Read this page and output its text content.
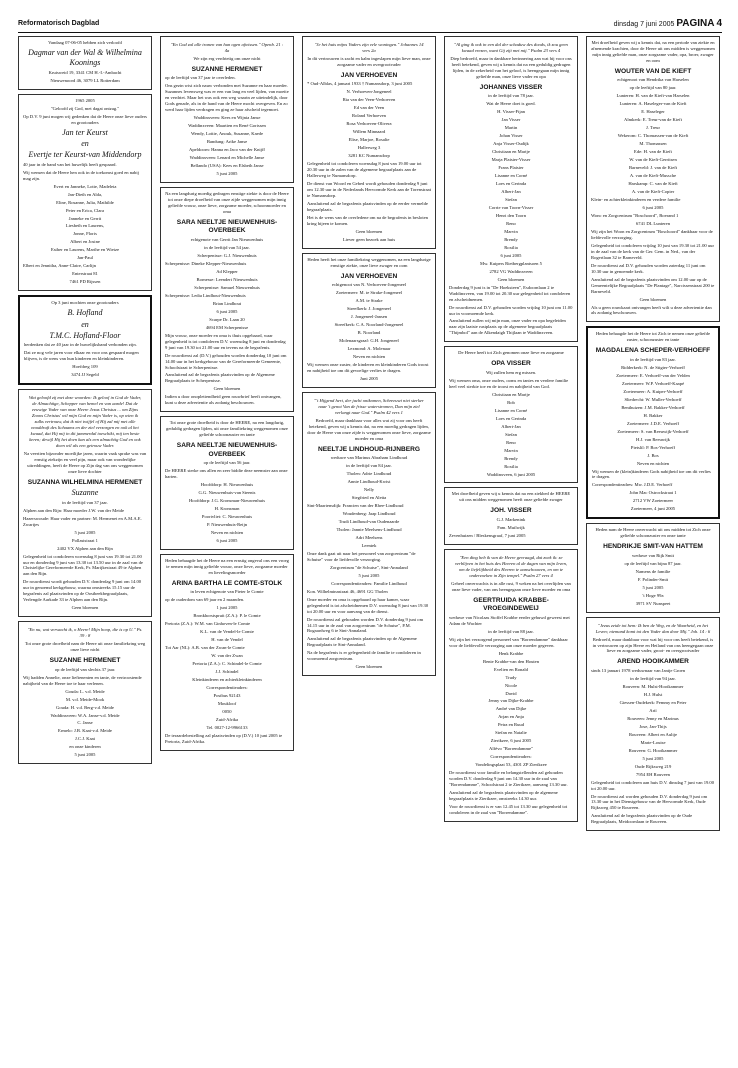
Reformatorisch Dagblad	dinsdag 7 juni 2005 PAGINA 4

Vandaag 07-06-05 hebben zich verloofd

Dagmar van der Wal & Wilhelmina Koonings

Kruisweid 19, 3341 CM H.-I.-Ambacht

Nieuwenoord 46, 3079 LL Rotterdam

1965 2005

"Geloofd zij God, met dagat ontzag."

Op D.V. 9 juni mogen wij gedenken dat de Heere onze lieve ouders en grootouders

Jan ter Keurst

en

Evertje ter Keurst-van Middendorp

40 jaar in de band van het huwelijk heeft gespaard.

Wij wensen dat de Heere hen ook in de toekomst goed en nabij mag zijn.

Evert en Janneke, Lotte, Madeleia

Jan-Dieth en Alda,

Eline, Rosanne, Julia, Mathilde

Peter en Erica, Clara

Janneke en Gerrit

Liesbeth en Laurens,

Jonne, Floris

Albert en Josine

Esther en Laurens, Marthe en Wietze

Jan-Paul

Elbert en Jennitha, Anne-Claire, Carlijn

Enterstraat 81

7461 PD Rijssen

Op 3 juni mochten onze grootouders

B. Hofland

en

T.M.C. Hofland-Floor

herdenken dat ze 40 jaar in de huwelijksband verbonden zijn.

Dat ze nog vele jaren voor elkaar en voor ons gespaard mogen blijven, is de wens van hun kinderen en kleinkinderen.

Hoefdreg 109

3474 JJ Segeld

Wat geloofd zij met deze woorden: Ik geloof in God de Vader, de Almachtige, Schepper van hemel en van aarde! Dat de eeuwige Vader van onze Heere Jezus Christus ... om Zijns Zoons Christus' wil mijn God en mijn Vader is, op wien ik zulks vertrouw, dat ik niet twijfel of Hij zal mij met alle nooddruft des lichaams en der ziel verzorgen en ook al het kwaad, dat Hij mij in dit jammerdal toeschikt, mij ten beste keren; dewijl Hij het doen kan als een almachtig God en ook doen wil als een getrouw Vader.

Na veertien bijzonder moeilijke jaren, waarin vaak sprake was van ernstig ziekzijn en veel pijn, maar ook van wonderlijke uitreddingen, heeft de Heere op Zijn dag van ons weggenomen onze lieve dochter

SUZANNA WILHELMINA HERMENET

Suzanne

in de leeftijd van 37 jaar.

Alphen aan den Rijn: Haar moeder J.W. van der Meide

Hazerswoude: Haar vader en partner: M. Hermenet en A.M.A.E. Zwartjes

5 juni 2005

Pollaststraat 1

2402 VX Alphen aan den Rijn

Gelegenheid tot condoleren woensdag 8 juni van 19.30 tot 21.00 uur en donderdag 9 juni van 13.30 tot 13.50 uur in de zaal van de Christelijke Gereformeerde Kerk, Pr. Marijkestraat 49 te Alphen aan den Rijn.

De rouwdienst wordt gehouden D.V. donderdag 9 juni om 14.00 uur in genoemd kerkgebouw, waarna omstreeks 15.15 uur de begrafenis zal plaatsvinden op de Oostbeekbegraafplaats, Verlengde Aarkade 33 te Alphen aan den Rijn.

Geen bloemen

"En nu, wat verwacht ik, o Heere! Mijn hoop, die is op U." Ps. 39 : 8

Tot onze grote droefheid nam de Heere uit onze familiekring weg onze lieve nicht

SUZANNE HERMENET

op de leeftijd van slechts 37 jaar.

Wij hadden Annelie, onze lieftenenten en tante, de vertroostende nabijheid van de Heere toe te haar verlenen.

Gouda: L. v.d. Meide

M. v.d. Meide-Mook

Gouda: H. v.d. Berg-v.d. Meide

Waddinxveen: W.A. Janse-v.d. Meide

C. Janse

Ermelo: J.B. Kaat-v.d. Meide

J.C.J. Kaat

en onze kinderen

5 juni 2005

"En God zal alle tranen van hun ogen afwissen." Openb. 21 : 4a

We zijn erg verdrietig om onze nicht

SUZANNE HERMENET

op de leeftijd van 37 jaar te overleden.

Ons gezin wist zich nauw verbonden met Suzanne en haar moeder. Suzannes levensweg was er een van lang en veel lijden, van moeite en verdriet. Maar het was ook een weg waarin ze uiteindelijk, door Gods genade, als in de hand van de Heere mocht overgeven. En zo werd haar lijden verdragen en ging ze haar afscheid tegemoet.

Waddinxveen: Kees en Wijnia Janse

Waddinxveen: Maartien en René Gorissen

Wendy, Lottie, Anouk, Susanne, Kaede

Bandung: Arike Janse

Apeldoorn: Hanna en Jaco van der Knijff

Waddinxveen: Lenard en Michelle Janse

Bellando (USA): Kees en Elsbeth Janse

5 juni 2005

Na een langdurig moedig gedragen ernstige ziekte is door de Heere tot onze diepe droefheid van onze zijde weggenomen mijn innig geliefde vrouw, onze lieve, zorgzame moeder, schoonmoeder en oma

SARA NEELTJE NIEUWENHUIS-OVERBEEK

echtgenote van Gerrit Jan Nieuwenhuis

in de leeftijd van 54 jaar.

Scherpenisse: G.J. Nieuwenhuis

Scherpenisse: Dineke Klepper-Nieuwenhuis

Ad Klepper

Bornesse: Leendert Nieuwenhuis

Scherpenisse: Samuel Nieuwenhuis

Scherpenisse: Ledia Lindhout-Nieuwenhuis

Brian Lindhout

6 juni 2005

Scarpe Dr. Laan 20

4694 EM Scherpenisse

Mijn vrouw, onze moeder en oma is thuis opgebaard, waar gelegenheid is tot condoleren D.V. woensdag 8 juni en donderdag 9 juni van 19.30 tot 21.00 uur en tevens na de begrafenis.

De rouwdienst zal (D.V.) gehouden worden donderdag 10 juni om 14.00 uur in het kerkgebouw van de Gereformeerde Gemeente, Schoolstraat te Scherpenisse.

Aansluitend zal de begrafenis plaatsvinden op de Algemene Begraafplaats te Scherpenisse.

Geen bloemen

Indien u door onoplettendheid geen rouwbrief heeft ontvangen, kunt u deze advertentie als zodanig beschouwen.

Tot onze grote droefheid is door de HEERE, na een langdurig, geduldig gedragen lijden, uit onze familiekring weggenomen onze geliefde schoonzuster en tante

SARA NEELTJE NIEUWENHUIS-OVERBEEK

op de leeftijd van 56 jaar.

De HEERE sterke ons allen en zeer biddie deze neemster aan onze harten.

Hoofddorp: H. Nieuwenhuis

G.G. Nieuwenhuis-van Steenis

Hoofddorp: J.G. Kronsman-Nieuwenhuis

H. Kronsman

Poortvliet: C. Nieuwenhuis

P. Nieuwenhuis-Reijn

Neven en nichten

6 juni 2005

Heden behaagde het de Heere na een ernstig ongeval ons een vroeg te nemen mijn innig geliefde vrouw, onze lieve, zorgzame moeder en lievelingsmoeder

ARINA BARTHA LE COMTE-STOLK

in leven echtgenote van Pieter le Comte

op de ouderdom van 69 jaar en 2 maanden.

1 juni 2005

Bronkhorstspruit (Z.A.): P. le Comte

Pretoria (Z.A.): W.M. van Ginhoven-le Comte

K.L. van de Vendel-le Comte

H. van de Vendel

Tot Aar (NL): A.B. van der Zwan-le Comte

W. van der Zwan

Pretoria (Z.A.): C. Schindel-le Comte

J.J. Schindel

Kleinkinderen en achterkleinkinderen

Correspondentieadres:

Postbus 92143

Moukloof

0050

Zuid-Afrika

Tel. 0027-12-9966133

De teraardebestelling zal plaatsvinden op (D.V.) 10 juni 2005 te Pretoria, Zuid-Afrika.

"Je het huis mijns Vaders zijn vele woningen." Johannes 14 vers 2a

In dit vertrouwen is zacht en kalm ingeslapen mijn lieve man, onze zorgzame vader en overgrootvader

JAN VERHOEVEN

* Oud-Alblas, 4 januari 1933 † Numansdorp, 3 juni 2005

N. Verhoeven-Jongeneel

Ria van der Veen-Verhoeven

Ed van der Veen

Roland Verhoeven

Rosa Verhoeven-Olivera

Willem Minnaard

Elise, Marjoe, Rosalie

Hallerweg 3

3281 KC Numansdorp

Gelegenheid tot condoleren woensdag 8 juni van 19.00 uur tot 20.30 uur in de zalen van de algemene begraafplaats aan de Hallerweg te Numansdorp.

De dienst van Woord en Gebed wordt gehouden donderdag 9 juni om 12.30 uur in de Nederlands Hervormde Kerk aan de Torenstraat te Numansdorp.

Aansluitend zal de begrafenis plaatsvinden op de eerder vermelde begraafplaats.

Het is de wens van de overledene om na de begrafenis in besloten kring bijeen te komen.

Geen bloemen

Liever geen bezoek aan huis

Heden heeft het onze familiekring weggenomen, na een langdurige ernstige ziekte, onze lieve zwager en oom

JAN VERHOEVEN

echtgenoot van N. Verhoeven-Jongeneel

Zoetermeer: M. te Strake-Jongeneel

A.M. te Strake

Streefkerk: J. Jongeneel

J. Jongeneel-Jansen

Streefkerk: C.A. Noorland-Jongeneel

B. Noorland

Molenaarsgraaf: G.H. Jongeneel

Lexmond: A. Molenaar

Neven en nichten

Wij wensen onze zuster, de kinderen en kleinkinderen Gods troost en nabijheid toe om dit gevoelige verlies te dragen.

Juni 2005

"'t Hijgend hert, der jacht ontkomen, Schreeuwt niet sterker naar 't genot Van de frisse waterstromen, Dan mijn ziel verlangt naar God." Psalm 42 vers 1

Bedroefd, maar dankbaar voor alles wat zij voor ons heeft betekend, geven wij u kennis dat, na een moedig gedragen lijden, door de Heere van onze zijde is weggenomen onze lieve, zorgzame moeder en oma

NEELTJE LINDHOUD-RIJNBERG

weduwe van Marinus Abraham Lindhoud

in de leeftijd van 84 jaar.

Tholen: Adrie Lindhoud

Annie Lindhoud-Kwist

Nelly

Siegfried en Aletta

Sint-Maartensdijk: Francien van der Rhee-Lindhoud

Woudenberg: Jaap Lindhoud

Trudi Lindhoud-van Oudenaarde

Tholen: Jannie Meelsens-Lindhoud

Adri Meelsens

Leentek

Onze dank gaat uit naar het personeel van zorgcentrum "de Schutse" voor de liefdevolle verzorging.

Zorgcentrum "de Schutse", Sint-Annaland

5 juni 2005

Correspondentieadres: Familie Lindhoud

Kon. Wilhelminastraat 46, 4691 GG Tholen

Onze moeder en oma is opgebaard op haar kamer, waar gelegenheid is tot afscheidnemen D.V. woensdag 8 juni van 19.30 tot 20.00 uur en voor aanvang van de dienst.

De rouwdienst zal gehouden worden D.V. donderdag 9 juni om 14.15 uur in de zaal van zorgcentrum "de Schutse", P.M. Bogaardweg 6 te Sint-Annaland.

Aansluitend zal de begrafenis plaatsvinden op de Algemene Begraafplaats te Sint-Annaland.

Na de begrafenis is er gelegenheid de familie te condoleren in voornoemd zorgcentrum.

Geen bloemen

"Al ging ik ook in een dal der schaduw des doods, ik zou geen kwaad vrezen, want Gij zijt met mij." Psalm 23 vers 4

Diep bedroefd, maar in dankbare herinnering aan wat hij voor ons heeft betekend, geven wij u kennis dat na een geduldig gedragen lijden, in de zekerheid van het geloof, is heengegaan mijn innig geliefde man, onze lieve vader en opa

JOHANNES VISSER

in de leeftijd van 78 jaar.

Wat de Heere doet is goed.

H. Visser-Fijan

Jan Visser

Martin

Johan Visser

Anja Visser-Oudijk

Christiaan en Marije

Marja Plaisier-Visser

Frans Plaisier

Lisanne en Corné

Loes en Gerinda

Albert-Jan

Stefan

Corrie van Toorn-Visser

Henri den Toorn

Reno

Marvin

Brendy

Roxilia

6 juni 2005

Mw. Kuipers Rietbergplantsoen 5

2782 VG Waddinxveen

Geen bloemen

Donderdag 9 juni is in "De Hoeksteen", Esdoornlaan 2 te Waddinxveen, van 19.00 tot 20.30 uur gelegenheid tot condoleren en afscheidnemen.

De rouwdienst zal D.V. gehouden worden vrijdag 10 juni om 11.00 uur in voornoemde kerk.

Aansluitend zullen wij mijn man, onze vader en opa begeleiden naar zijn laatste rustplaats op de algemene begraafplaats "Thijmbol" aan de Alkendaigh Thijlaan te Waddinxveen.

De Heere heeft tot Zich genomen onze lieve en zorgzame

OPA VISSER

Wij zullen hem erg missen.

Wij wensen oma, onze ouders, ooms en tantes en verdere familie heel veel sterkte toe en de troost en nabijheid van God.

Christiaan en Marije

Bob

Lisanne en Corné

Loes en Gerinda

Albert-Jan

Stefan

Reno

Marvin

Brendy

Roxilia

Waddinxveen, 6 juni 2005

Met droefheid geven wij u kennis dat na een ziekbed de HEERE uit ons midden weggenomen heeft onze geliefde zwager

JOH. VISSER

G.J. Markenink

Fam. Muilwijk

Zevenhuizen / Bleskensgraaf, 7 juni 2005

"Een ding heb ik van de Heere gevraagd, dat zoek ik: ze verblijven in het huis des Heeren al de dagen van mijn leven, om de liefelijkheid des Heeren te aanschouwen, en om te onderzoeken in Zijn tempel." Psalm 27 vers 4

Geheel onverwachts is in alle rust, 9 weken na het overlijden van onze lieve vader, van ons heengegaan onze lieve moeder en oma

GEERTRUIDA KRABBE-VROEGINDEWEIJ

weduwe van Nicolaas Stoffel Krabbe eerder gehuwd geweest met Adam de Wachter

in de leeftijd van 88 jaar.

Wij zijn het verzorgend personeel van "Borrendamme" dankbaar voor de liefdevolle verzorging aan onze moeder gegeven.

Henk Krabbe

Benie Krabbe-van den Houten

Evelien en Ronald

Trudy

Nicole

David

Jenny van Dijke-Krabbe

André van Dijke

Arjan en Anja

Petra en Ruud

Stefan en Natalie

Zierikzee, 6 juni 2005

Alfévo "Borrendamme"

Correspondentieadres:

Vondelingsplaat 53, 4301 ZP Zierikzee

De rouwdienst voor familie en belangstellenden zal gehouden worden D.V. donderdag 9 juni om 14.30 uur in de zaal van "Borrendamme", Schoolstraat 2 te Zierikzee, aanvang 13.30 uur.

Aansluitend zal de begrafenis plaatsvinden op de algemene begraafplaats te Zierikzee, omstreeks 14.30 uur.

Voor de rouwdienst is er van 12.45 tot 13.30 uur gelegenheid tot condoleren in de zaal van "Borrendamme".

Met droefheid geven wij u kennis dat, na een periode van ziekte en afnemende krachten, door de Heere uit ons midden is weggenomen mijn innig geliefde man, onze zorgzame vader, opa, broer, zwager en oom

WOUTER VAN DE KIEFT

echtgenoot van Hendrika van Harselen

op de leeftijd van 80 jaar.

Lunteren: H. van de Kieft-van Harselen

Lunteren: A. Haseleger-van de Kieft

E. Haseleger

Almkerk: E. Treur-van de Kieft

J. Treur

Wekerom: C. Thomassen-van de Kieft

M. Thomassen

Ede: H. van de Kieft

W. van de Kieft-Gerritsen

Barneveld: J. van de Kieft

A. van de Kieft-Mussche

Harskamp: C. van de Kieft

A. van de Kieft-Copier

Klein- en achterkleinkinderen en verdere familie

6 juni 2005

Wonc en Zorgcentrum "Boschoord", Boerand 1

6741 DL Lunteren

Wij zijn het Woon en Zorgcentrum "Boschoord" dankbaar voor de liefdevolle verzorging.

Gelegenheid tot condoleren vrijdag 10 juni van 19.30 tot 21.00 uur in de zaal van de kerk van de Ger. Gem. in Ned., van der Rogertlaan 32 te Barneveld.

De rouwdienst zal D.V. gehouden worden zaterdag 11 juni om 10.30 uur in genoemde kerk.

Aansluitend zal de begrafenis plaatsvinden om 12.00 uur op de Gemeentelijke Begraafplaats "De Plantage", Narcissenstraat 200 te Barneveld.

Geen bloemen

Als u geen rouwkaart ontvangen heeft wilt u deze advertentie dan als zodanig beschouwen.

Heden behaagde het de Heere tot Zich te nemen onze geliefde zuster, schoonzuster en tante

MAGDALENA SCHEPER-VERHOEFF

in de leeftijd van 83 jaar.

Ridderkerk: N. de Stigter-Verhoeff

Zoetermeer: E. Verhoeff-van der Velden

Zoetermeer: W.P. Verhoeff-Kaapé

Zoetermeer: A. Kuiper-Verhoeff

Sliedrecht: W. Muller-Verhoeff

Benthuizen: J.M. Bakker-Verhoeff

H. Bakker

Zoetermeer: J.D.E. Verhoeff

Zoetermeer: S. van Reeuwijk-Verhoeff

H.J. van Reeuwijk

Pietslil: P. Bos-Verhoeff

J. Bos

Neven en nichten

Wij wensen de (klein)kinderen Gods nabijheid toe om dit verlies te dragen.

Correspondentieadres: Mw. J.D.E. Verhoeff

John Mac Ostrockstraat 1

2712 VW Zoetermeer

Zoetermeer, 4 juni 2005

Heden nam de Heere onverwacht uit ons midden tot Zich onze geliefde schoonzuster en onze tante

HENDRIKJE SMIT-VAN HATTEM

weduwe van Rijk Smit

op de leeftijd van bijna 87 jaar.

Namens de familie

F. Polinder-Smit

5 juni 2005

't Hoge 99a

3971 SV Nunspeet

"Jezus zeide tot hem: Ik ben de Weg, en de Waarheid, en het Leven; niemand komt tot den Vader dan door Mij." Joh. 14 : 6

Bedroefd, maar dankbaar voor wat hij voor ons heeft betekend, is in vertrouwen op zijn Heere en Heiland van ons heengegaan onze lieve en zorgzame vader, groot- en overgrootvader

AREND HOOIKAMMER

sinds 13 januari 1978 weduwnaar van Jantje Groen

in de leeftijd van 94 jaar.

Rouveen: M. Hulst-Hooikammer

H.J. Hulst

Giessen-Oudekerk: Femmy en Peter

Ariï

Rouveen: Jenny en Marinus

Jose, Jan-Thijs

Rouveen: Albert en Aultje

Marie-Louise

Rouveen: G. Hooikammer

5 juni 2005

Oude Rijksweg 219

7954 EH Rouveen

Gelegenheid tot condoleren aan huis D.V. dinsdag 7 juni van 19.00 tot 20.00 uur.

De rouwdienst zal worden gehouden D.V. donderdag 9 juni om 13.30 uur in het Dienstgebouw van de Hervormde Kerk, Oude Rijksweg 450 te Rouveen.

Aansluitend zal de begrafenis plaatsvinden op de Oude Begraafplaats, Meidoornlaan te Rouveen.
